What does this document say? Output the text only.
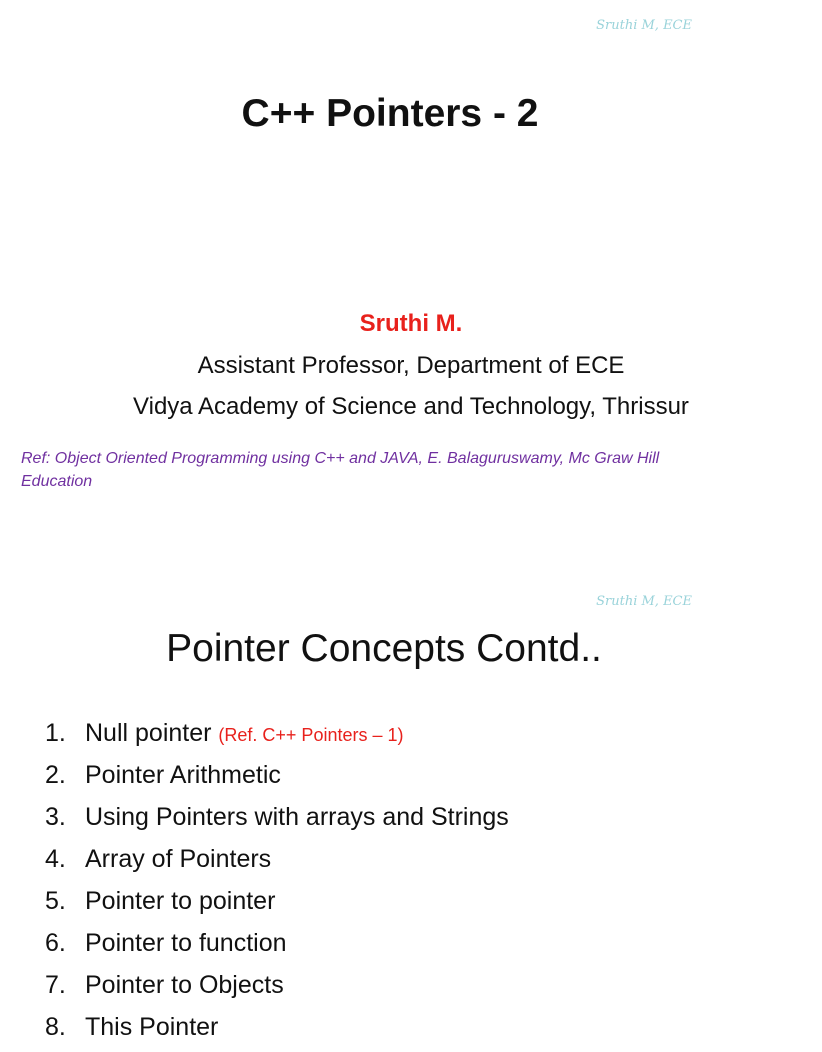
Sruthi M, ECE
C++ Pointers - 2
Sruthi M.
Assistant Professor, Department of ECE
Vidya Academy of Science and Technology, Thrissur
Ref: Object Oriented Programming using C++ and JAVA, E. Balaguruswamy, Mc Graw Hill Education
Sruthi M, ECE
Pointer Concepts Contd..
1. Null pointer (Ref. C++ Pointers – 1)
2. Pointer Arithmetic
3. Using Pointers with arrays and Strings
4. Array of Pointers
5. Pointer to pointer
6. Pointer to function
7. Pointer to Objects
8. This Pointer
